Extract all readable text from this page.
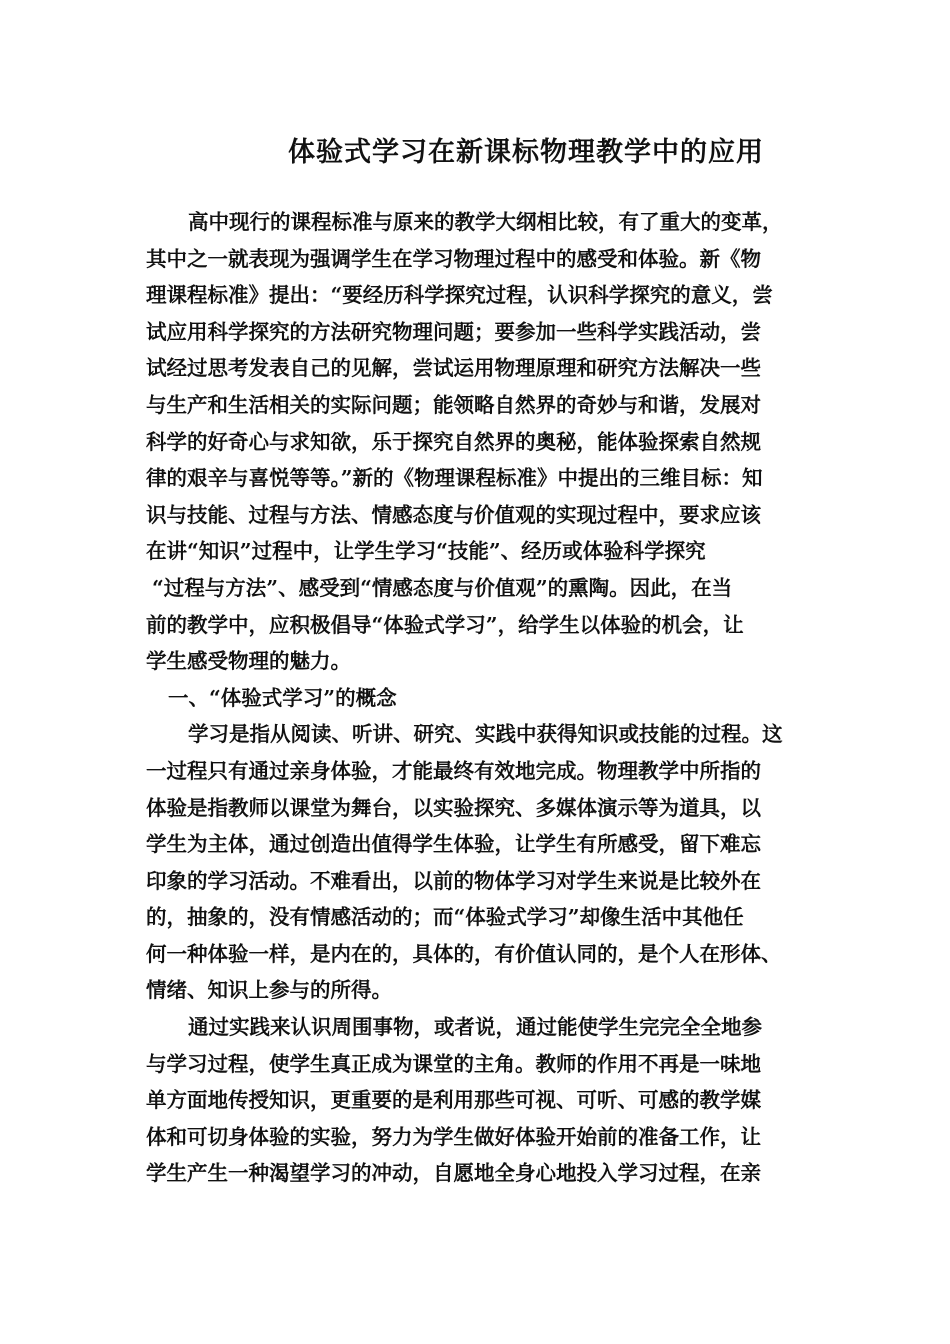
体验式学习在新课标物理教学中的应用
高中现行的课程标准与原来的教学大纲相比较，有了重大的变革，
其中之一就表现为强调学生在学习物理过程中的感受和体验。新《物
理课程标准》提出：“要经历科学探究过程，认识科学探究的意义，尝
试应用科学探究的方法研究物理问题；要参加一些科学实践活动，尝
试经过思考发表自己的见解，尝试运用物理原理和研究方法解决一些
与生产和生活相关的实际问题；能领略自然界的奇妙与和谐，发展对
科学的好奇心与求知欲，乐于探究自然界的奥秘，能体验探索自然规
律的艰辛与喜悦等等。”新的《物理课程标准》中提出的三维目标：知
识与技能、过程与方法、情感态度与价值观的实现过程中，要求应该
在讲“知识”过程中，让学生学习“技能”、经历或体验科学探究
“过程与方法”、感受到“情感态度与价值观”的熏陶。因此，在当
前的教学中，应积极倡导“体验式学习”，给学生以体验的机会，让
学生感受物理的魅力。
一、“体验式学习”的概念
学习是指从阅读、听讲、研究、实践中获得知识或技能的过程。这
一过程只有通过亲身体验，才能最终有效地完成。物理教学中所指的
体验是指教师以课堂为舞台，以实验探究、多媒体演示等为道具，以
学生为主体，通过创造出值得学生体验，让学生有所感受，留下难忘
印象的学习活动。不难看出，以前的物体学习对学生来说是比较外在
的，抽象的，没有情感活动的；而“体验式学习”却像生活中其他任
何一种体验一样，是内在的，具体的，有价值认同的，是个人在形体、
情绪、知识上参与的所得。
通过实践来认识周围事物，或者说，通过能使学生完完全全地参
与学习过程，使学生真正成为课堂的主角。教师的作用不再是一味地
单方面地传授知识，更重要的是利用那些可视、可听、可感的教学媒
体和可切身体验的实验，努力为学生做好体验开始前的准备工作，让
学生产生一种渴望学习的冲动，自愿地全身心地投入学习过程，在亲
